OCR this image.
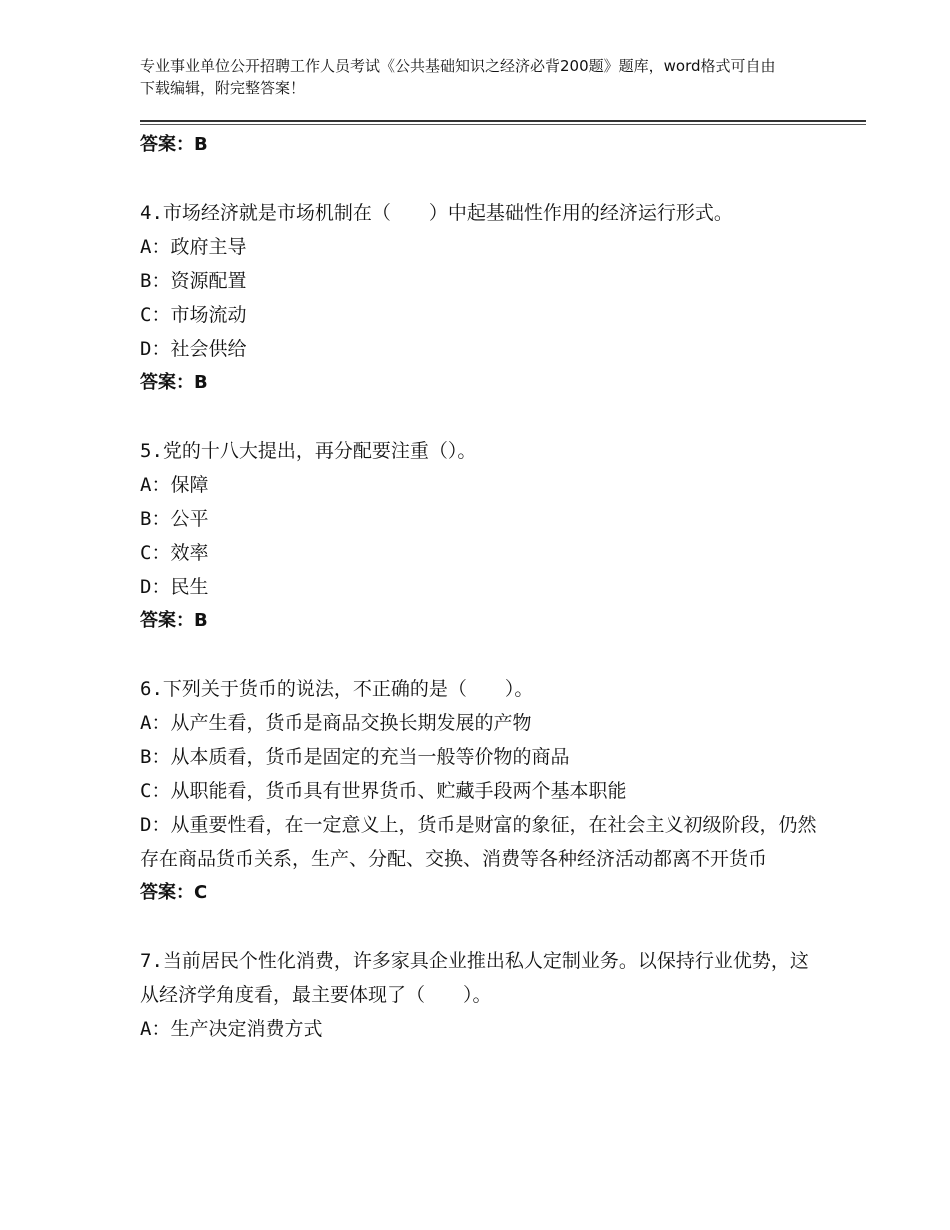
专业事业单位公开招聘工作人员考试《公共基础知识之经济必背200题》题库，word格式可自由下载编辑，附完整答案！
答案：B
4.市场经济就是市场机制在（　　）中起基础性作用的经济运行形式。
A：政府主导
B：资源配置
C：市场流动
D：社会供给
答案：B
5.党的十八大提出，再分配要注重（）。
A：保障
B：公平
C：效率
D：民生
答案：B
6.下列关于货币的说法，不正确的是（　　）。
A：从产生看，货币是商品交换长期发展的产物
B：从本质看，货币是固定的充当一般等价物的商品
C：从职能看，货币具有世界货币、贮藏手段两个基本职能
D：从重要性看，在一定意义上，货币是财富的象征，在社会主义初级阶段，仍然存在商品货币关系，生产、分配、交换、消费等各种经济活动都离不开货币
答案：C
7.当前居民个性化消费，许多家具企业推出私人定制业务。以保持行业优势，这从经济学角度看，最主要体现了（　　）。
A：生产决定消费方式
